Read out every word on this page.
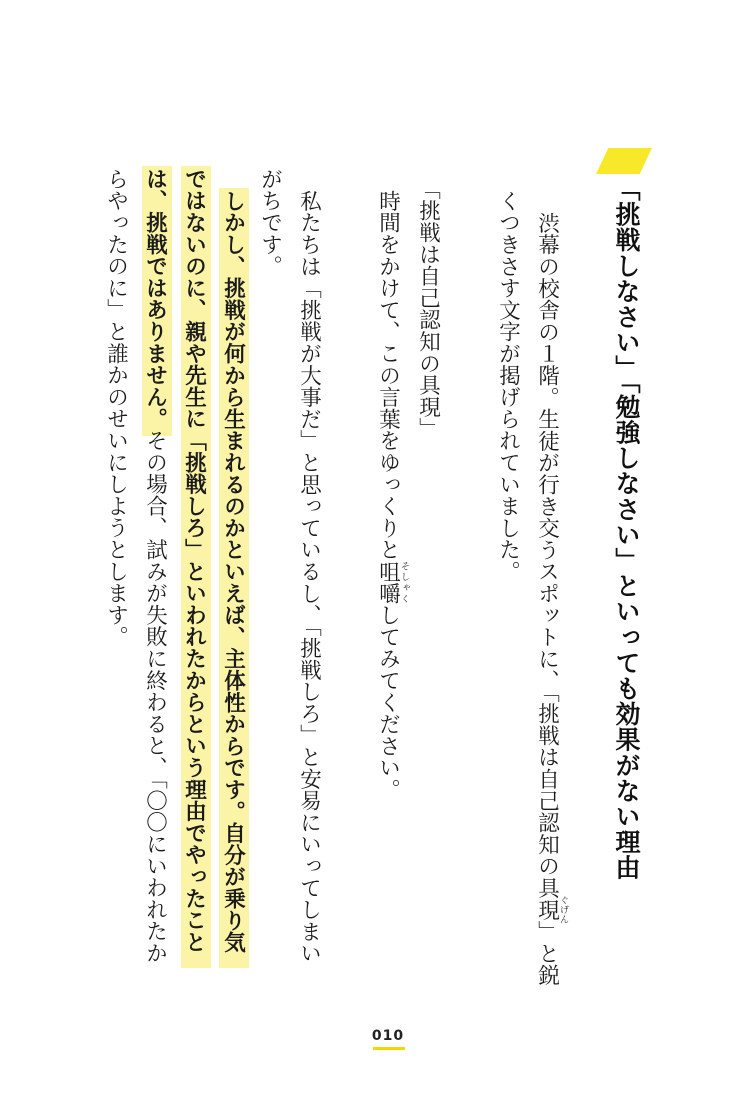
「挑戦しなさい」「勉強しなさい」といっても効果がない理由
渋幕の校舎の１階。生徒が行き交うスポットに、「挑戦は自己認知の具現ぐげん」と鋭
くつきさす文字が掲げられていました。
「挑戦は自己認知の具現」
時間をかけて、この言葉をゆっくりと咀嚼そしゃくしてみてください。
私たちは「挑戦が大事だ」と思っているし、「挑戦しろ」と安易にいってしまい
がちです。
しかし、挑戦が何から生まれるのかといえば、主体性からです。自分が乗り気
ではないのに、親や先生に「挑戦しろ」といわれたからという理由でやったこと
は、挑戦ではありません。その場合、試みが失敗に終わると、「〇〇にいわれたか
らやったのに」と誰かのせいにしようとします。
010
